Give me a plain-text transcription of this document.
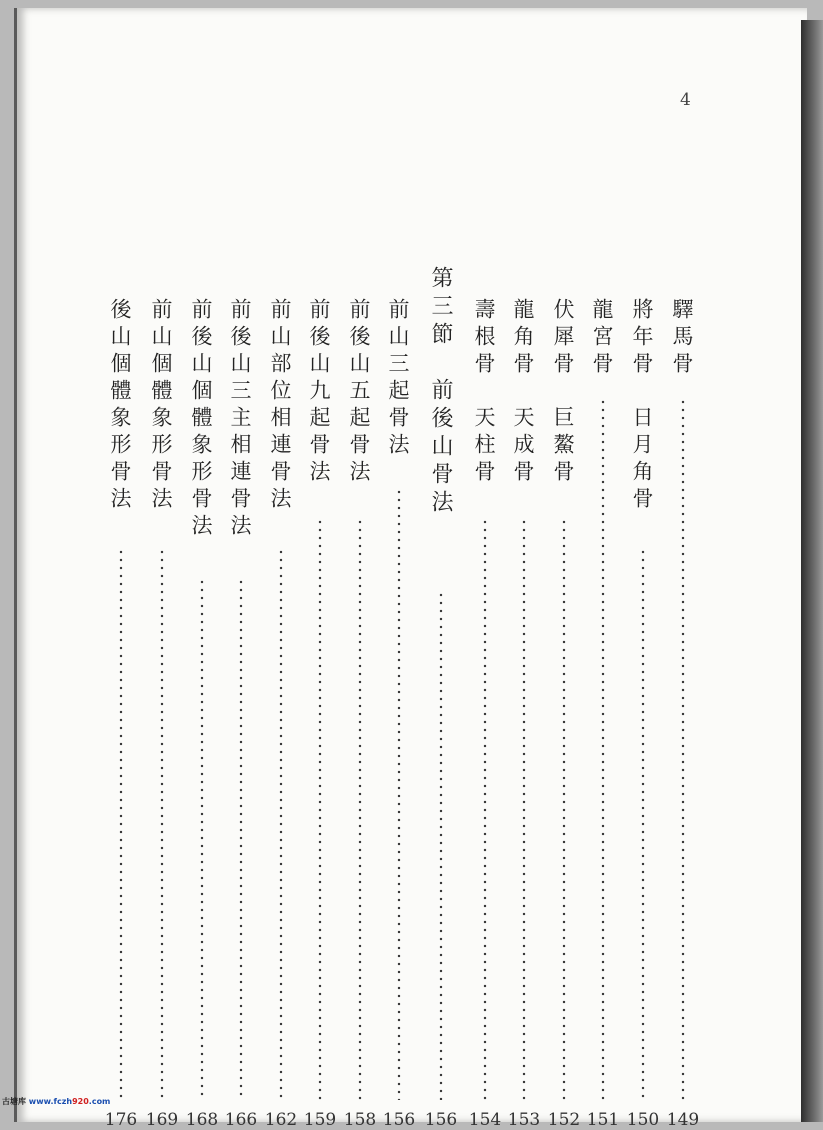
4
驛馬骨
149
將年骨　日月角骨
150
龍宮骨
151
伏犀骨　巨鰲骨
152
龍角骨　天成骨
153
壽根骨　天柱骨
154
第三節　前後山骨法
156
前山三起骨法
156
前後山五起骨法
158
前後山九起骨法
159
前山部位相連骨法
162
前後山三主相連骨法
166
前後山個體象形骨法
168
前山個體象形骨法
169
後山個體象形骨法
176
古塘库 www.fczh920.com
